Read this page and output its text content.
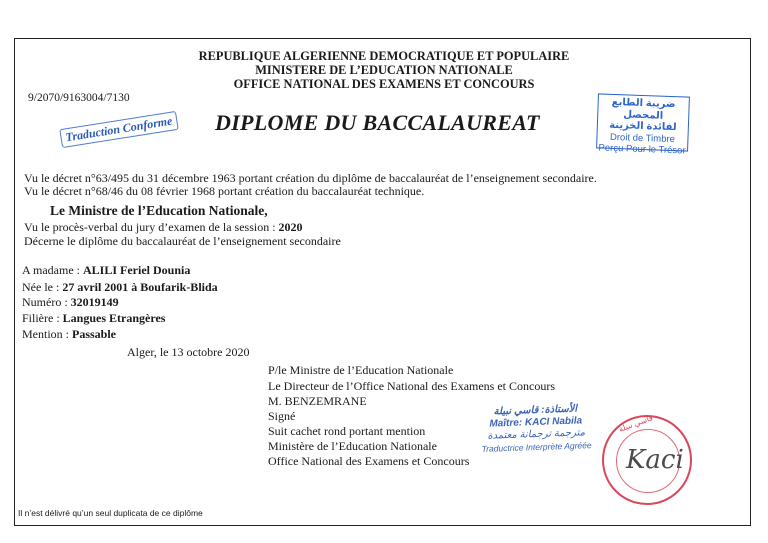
REPUBLIQUE ALGERIENNE DEMOCRATIQUE ET POPULAIRE
MINISTERE DE L’EDUCATION NATIONALE
OFFICE NATIONAL DES EXAMENS ET CONCOURS
9/2070/9163004/7130
Traduction Conforme DIPLOME DU BACCALAUREAT
ضريبة الطابع المحصل
لفائدة الخزينة
Droit de Timbre
Perçu Pour le Trésor
Vu le décret n°63/495 du 31 décembre 1963 portant création du diplôme de baccalauréat de l’enseignement secondaire.
Vu le décret n°68/46 du 08 février 1968 portant création du baccalauréat technique.
Le Ministre de l’Education Nationale,
Vu le procès-verbal du jury d’examen de la session : 2020
Décerne le diplôme du baccalauréat de l’enseignement secondaire
A madame : ALILI Feriel Dounia
Née le : 27 avril 2001 à Boufarik-Blida
Numéro : 32019149
Filière : Langues Etrangères
Mention : Passable
Alger, le 13 octobre 2020
P/le Ministre de l’Education Nationale
Le Directeur de l’Office National des Examens et Concours
M. BENZEMRANE
Signé
Suit cachet rond portant mention
Ministère de l’Education Nationale
Office National des Examens et Concours
الأستاذة: قاسي نبيلة
Maître: KACI Nabila
مترجمة ترجمانة معتمدة
Traductrice Interprète Agréée
قاسي نبيلة
Kaci
Il n’est délivré qu’un seul duplicata de ce diplôme
